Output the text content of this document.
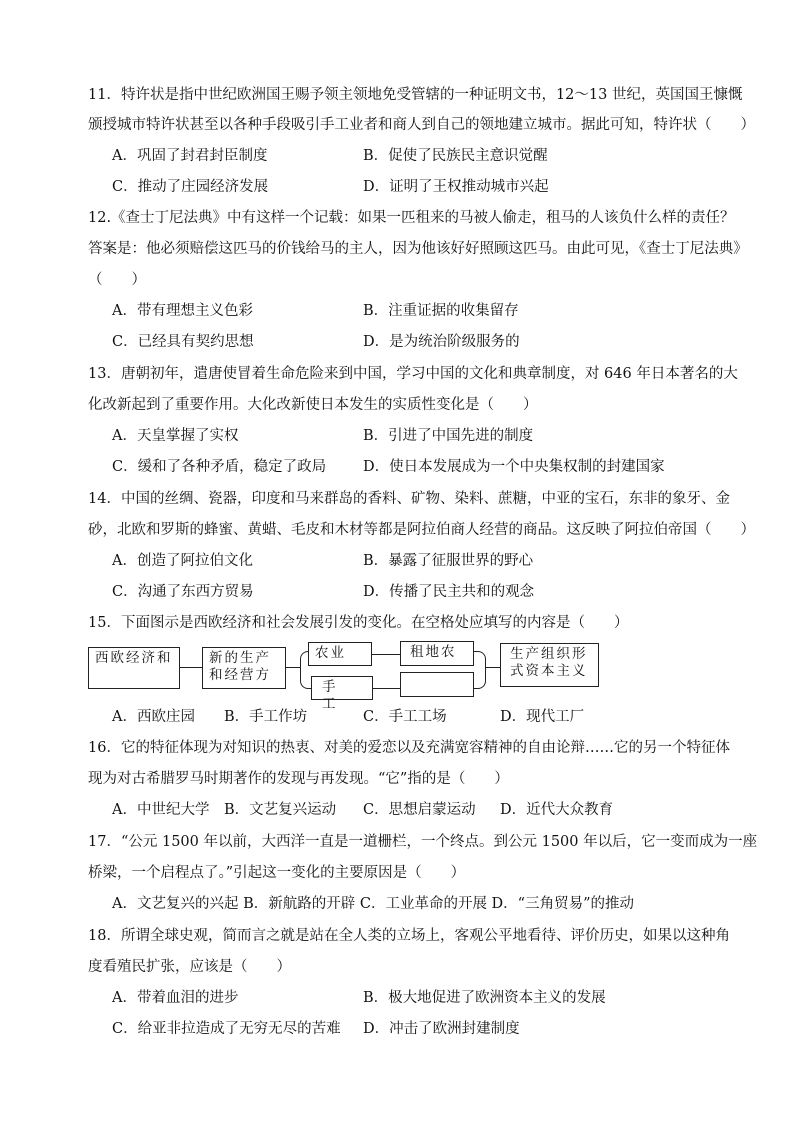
11．特许状是指中世纪欧洲国王赐予领主领地免受管辖的一种证明文书，12～13 世纪，英国国王慷慨
颁授城市特许状甚至以各种手段吸引手工业者和商人到自己的领地建立城市。据此可知，特许状（　　）
A．巩固了封君封臣制度	B．促使了民族民主意识觉醒
C．推动了庄园经济发展	D．证明了王权推动城市兴起
12.《查士丁尼法典》中有这样一个记载：如果一匹租来的马被人偷走，租马的人该负什么样的责任？
答案是：他必须赔偿这匹马的价钱给马的主人，因为他该好好照顾这匹马。由此可见，《查士丁尼法典》
（　　）
A．带有理想主义色彩	B．注重证据的收集留存
C．已经具有契约思想	D．是为统治阶级服务的
13．唐朝初年，遣唐使冒着生命危险来到中国，学习中国的文化和典章制度，对 646 年日本著名的大
化改新起到了重要作用。大化改新使日本发生的实质性变化是（　　）
A．天皇掌握了实权	B．引进了中国先进的制度
C．缓和了各种矛盾，稳定了政局	D．使日本发展成为一个中央集权制的封建国家
14．中国的丝绸、瓷器，印度和马来群岛的香料、矿物、染料、蔗糖，中亚的宝石，东非的象牙、金
砂，北欧和罗斯的蜂蜜、黄蜡、毛皮和木材等都是阿拉伯商人经营的商品。这反映了阿拉伯帝国（　　）
A．创造了阿拉伯文化	B．暴露了征服世界的野心
C．沟通了东西方贸易	D．传播了民主共和的观念
15．下面图示是西欧经济和社会发展引发的变化。在空格处应填写的内容是（　　）
西欧经济和	新的生产和经营方
农业	租地农
手　工
生产组织形式资本主义
A．西欧庄园 B．手工作坊	C．手工工场	D．现代工厂
16．它的特征体现为对知识的热衷、对美的爱恋以及充满宽容精神的自由论辩……它的另一个特征体
现为对古希腊罗马时期著作的发现与再发现。“它”指的是（　　）
A．中世纪大学 B．文艺复兴运动 C．思想启蒙运动 D．近代大众教育
17．“公元 1500 年以前，大西洋一直是一道栅栏，一个终点。到公元 1500 年以后，它一变而成为一座
桥梁，一个启程点了。”引起这一变化的主要原因是（　　）
A．文艺复兴的兴起 B．新航路的开辟 C．工业革命的开展 D．“三角贸易”的推动
18．所谓全球史观，简而言之就是站在全人类的立场上，客观公平地看待、评价历史，如果以这种角
度看殖民扩张，应该是（　　）
A．带着血泪的进步	B．极大地促进了欧洲资本主义的发展
C．给亚非拉造成了无穷无尽的苦难 D．冲击了欧洲封建制度
